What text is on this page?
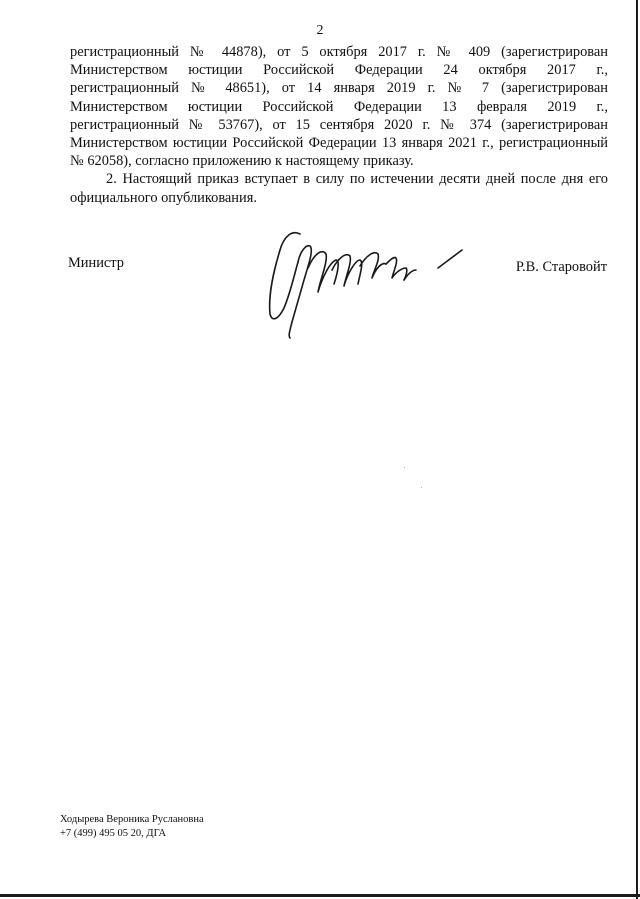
2

регистрационный № 44878), от 5 октября 2017 г. № 409 (зарегистрирован
Министерством юстиции Российской Федерации 24 октября 2017 г.,
регистрационный № 48651), от 14 января 2019 г. № 7 (зарегистрирован
Министерством юстиции Российской Федерации 13 февраля 2019 г.,
регистрационный № 53767), от 15 сентября 2020 г. № 374 (зарегистрирован
Министерством юстиции Российской Федерации 13 января 2021 г., регистрационный
№ 62058), согласно приложению к настоящему приказу.

2. Настоящий приказ вступает в силу по истечении десяти дней после дня его
официального опубликования.

Министр	Р.В. Старовойт
Ходырева Вероника Руслановна
+7 (499) 495 05 20, ДГА
